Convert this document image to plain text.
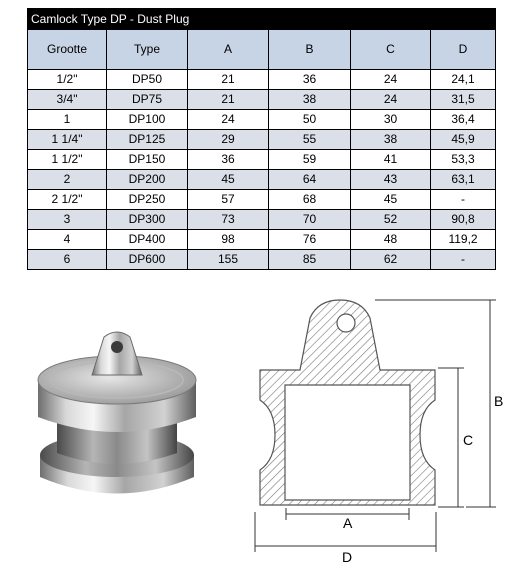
Camlock Type DP - Dust Plug					
Grootte	Type	A	B	C	D
1/2"	DP50	21	36	24	24,1
3/4"	DP75	21	38	24	31,5
1	DP100	24	50	30	36,4
1 1/4"	DP125	29	55	38	45,9
1 1/2"	DP150	36	59	41	53,3
2	DP200	45	64	43	63,1
2 1/2"	DP250	57	68	45	-
3	DP300	73	70	52	90,8
4	DP400	98	76	48	119,2
6	DP600	155	85	62	-
A
D
C
B
